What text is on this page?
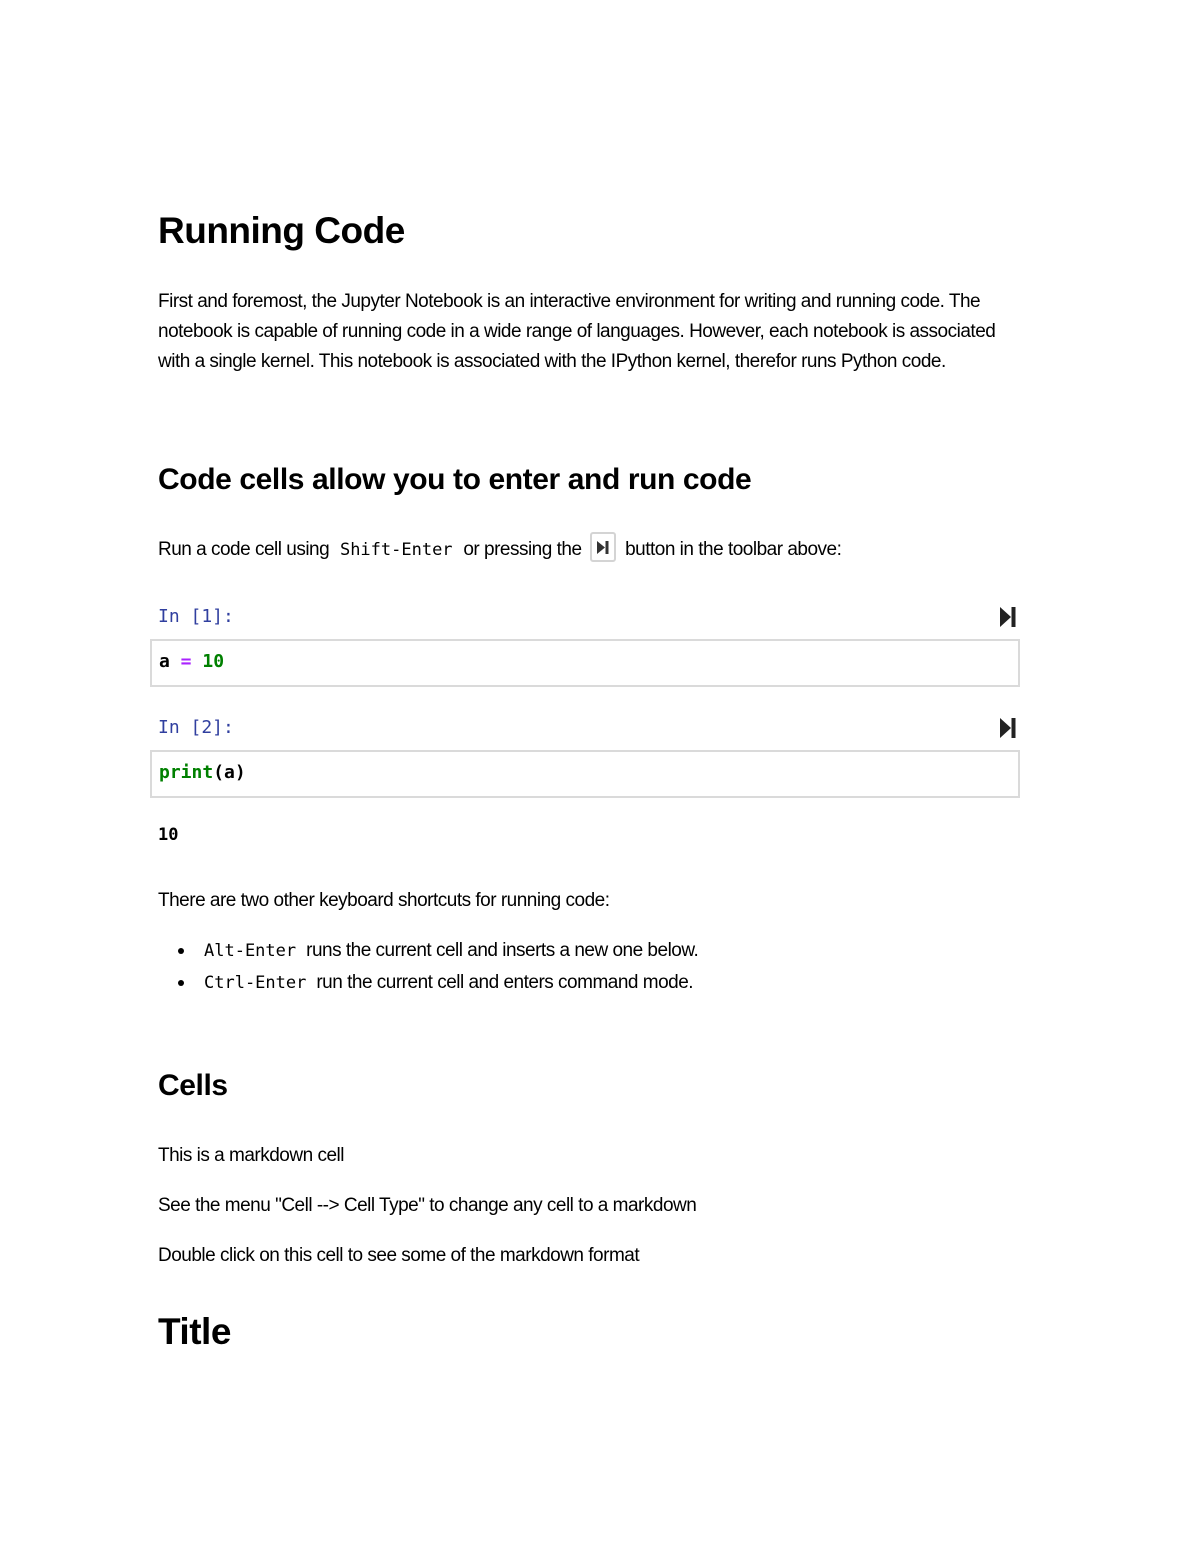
Running Code
First and foremost, the Jupyter Notebook is an interactive environment for writing and running code. The notebook is capable of running code in a wide range of languages. However, each notebook is associated with a single kernel. This notebook is associated with the IPython kernel, therefor runs Python code.
Code cells allow you to enter and run code
Run a code cell using Shift-Enter or pressing the button in the toolbar above:
In [1]:
a = 10
In [2]:
print(a)
10
There are two other keyboard shortcuts for running code:
Alt-Enter runs the current cell and inserts a new one below.
Ctrl-Enter run the current cell and enters command mode.
Cells
This is a markdown cell
See the menu "Cell --> Cell Type" to change any cell to a markdown
Double click on this cell to see some of the markdown format
Title
